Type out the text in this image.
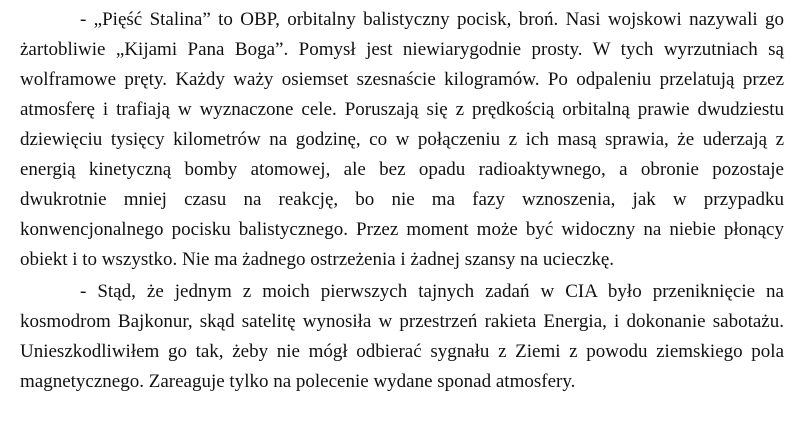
- „Pięść Stalina” to OBP, orbitalny balistyczny pocisk, broń. Nasi wojskowi nazywali go
żartobliwie „Kijami Pana Boga”. Pomysł jest niewiarygodnie prosty. W tych wyrzutniach są
wolframowe pręty. Każdy waży osiemset szesnaście kilogramów. Po odpaleniu przelatują przez
atmosferę i trafiają w wyznaczone cele. Poruszają się z prędkością orbitalną prawie dwudziestu
dziewięciu tysięcy kilometrów na godzinę, co w połączeniu z ich masą sprawia, że uderzają z
energią kinetyczną bomby atomowej, ale bez opadu radioaktywnego, a obronie pozostaje
dwukrotnie mniej czasu na reakcję, bo nie ma fazy wznoszenia, jak w przypadku
konwencjonalnego pocisku balistycznego. Przez moment może być widoczny na niebie płonący
obiekt i to wszystko. Nie ma żadnego ostrzeżenia i żadnej szansy na ucieczkę.
- Stąd, że jednym z moich pierwszych tajnych zadań w CIA było przeniknięcie na
kosmodrom Bajkonur, skąd satelitę wynosiła w przestrzeń rakieta Energia, i dokonanie sabotażu.
Unieszkodliwiłem go tak, żeby nie mógł odbierać sygnału z Ziemi z powodu ziemskiego pola
magnetycznego. Zareaguje tylko na polecenie wydane sponad atmosfery.
